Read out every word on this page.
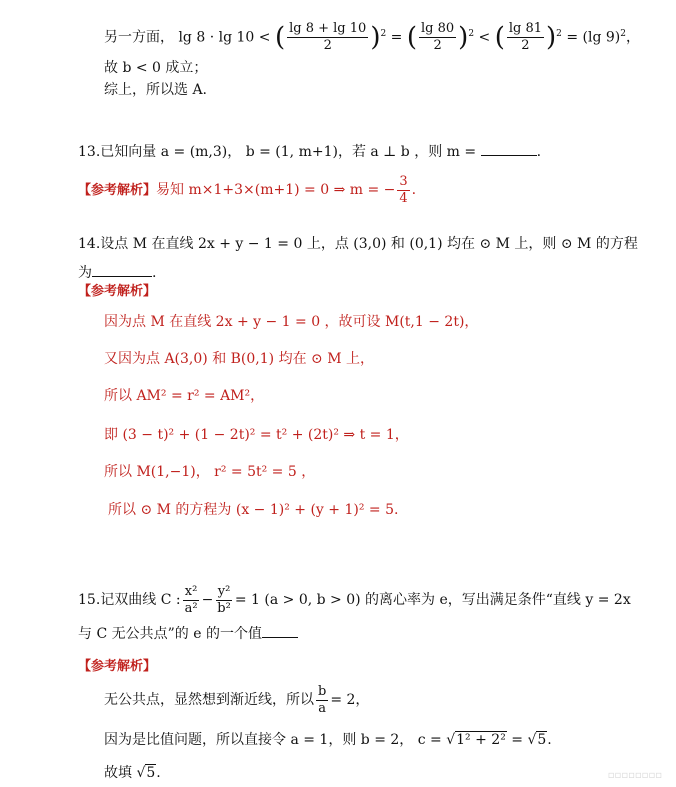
另一方面， lg 8 · lg 10 < ( $\frac{\lg 8 + \lg 10}{2} )^2$ = ( $\frac{\lg 80}{2} )^2$ < ( $\frac{\lg 81}{2} )^2 = (\lg$ 9)$^2$，
故 b < 0 成立；
综上，所以选 A.
13.已知向量 a = (m,3)， b = (1, m+1)，若 a ⊥ b ，则 m =	.
【参考解析】易知 m×1+3×(m+1) = 0 ⇒ m = − $\frac{3}{4}$ .
14.设点 M 在直线 2x + y − 1 = 0 上，点 (3,0) 和 (0,1) 均在 ⊙ M 上，则 ⊙ M 的方程
为	.
【参考解析】
因为点 M 在直线 2x + y − 1 = 0 ，故可设 M(t,1 − 2t)，
又因为点 A(3,0) 和 B(0,1) 均在 ⊙ M 上，
所以 AM² = r² = AM²，
即 (3 − t)² + (1 − 2t)² = t² + (2t)² ⇒ t = 1，
所以 M(1,−1)， r² = 5t² = 5 ，
所以 ⊙ M 的方程为 (x − 1)² + (y + 1)² = 5.
15.记双曲线 C : $\frac{\text{x²}}{\text{a²}} - \frac{\text{y²}}{\text{b²}} = 1$ (a > 0, b > 0) 的离心率为 e，写出满足条件“直线 y = 2x
与 C 无公共点”的 e 的一个值
【参考解析】
无公共点，显然想到渐近线，所以 $\frac{b}{a} = 2$，
因为是比值问题，所以直接令 a = 1，则 b = 2， c = √1² + 2² = √5.
故填 √5.	▫▫▫▫▫▫▫▫
